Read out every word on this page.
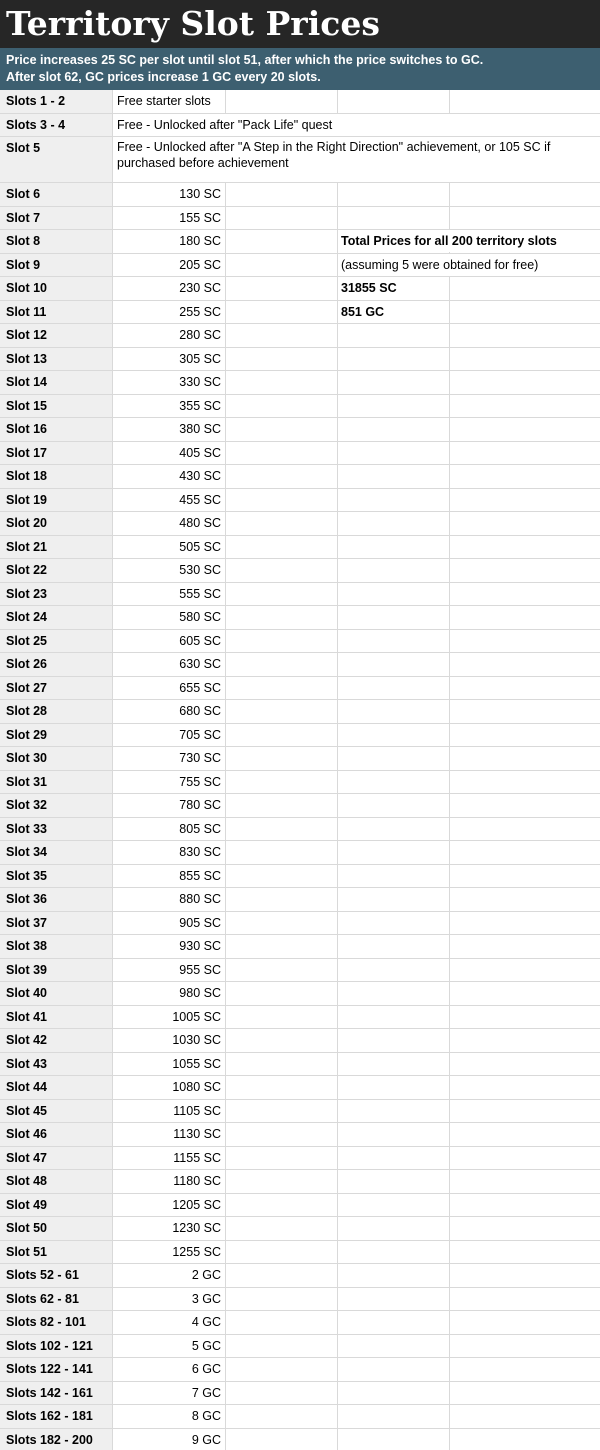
Territory Slot Prices
Price increases 25 SC per slot until slot 51, after which the price switches to GC.
After slot 62, GC prices increase 1 GC every 20 slots.
Slots 1 - 2	Free starter slots
Slots 3 - 4	Free - Unlocked after "Pack Life" quest
Slot 5	Free - Unlocked after "A Step in the Right Direction" achievement, or 105 SC if purchased before achievement
Slot 6	130 SC
Slot 7	155 SC
Slot 8	180 SC
Slot 9	205 SC
Slot 10	230 SC
Slot 11	255 SC
Slot 12	280 SC
Slot 13	305 SC
Slot 14	330 SC
Slot 15	355 SC
Slot 16	380 SC
Slot 17	405 SC
Slot 18	430 SC
Slot 19	455 SC
Slot 20	480 SC
Slot 21	505 SC
Slot 22	530 SC
Slot 23	555 SC
Slot 24	580 SC
Slot 25	605 SC
Slot 26	630 SC
Slot 27	655 SC
Slot 28	680 SC
Slot 29	705 SC
Slot 30	730 SC
Slot 31	755 SC
Slot 32	780 SC
Slot 33	805 SC
Slot 34	830 SC
Slot 35	855 SC
Slot 36	880 SC
Slot 37	905 SC
Slot 38	930 SC
Slot 39	955 SC
Slot 40	980 SC
Slot 41	1005 SC
Slot 42	1030 SC
Slot 43	1055 SC
Slot 44	1080 SC
Slot 45	1105 SC
Slot 46	1130 SC
Slot 47	1155 SC
Slot 48	1180 SC
Slot 49	1205 SC
Slot 50	1230 SC
Slot 51	1255 SC
Slots 52 - 61	2 GC
Slots 62 - 81	3 GC
Slots 82 - 101	4 GC
Slots 102 - 121	5 GC
Slots 122 - 141	6 GC
Slots 142 - 161	7 GC
Slots 162 - 181	8 GC
Slots 182 - 200	9 GC
Total Prices for all 200 territory slots
(assuming 5 were obtained for free)
31855 SC
851 GC
